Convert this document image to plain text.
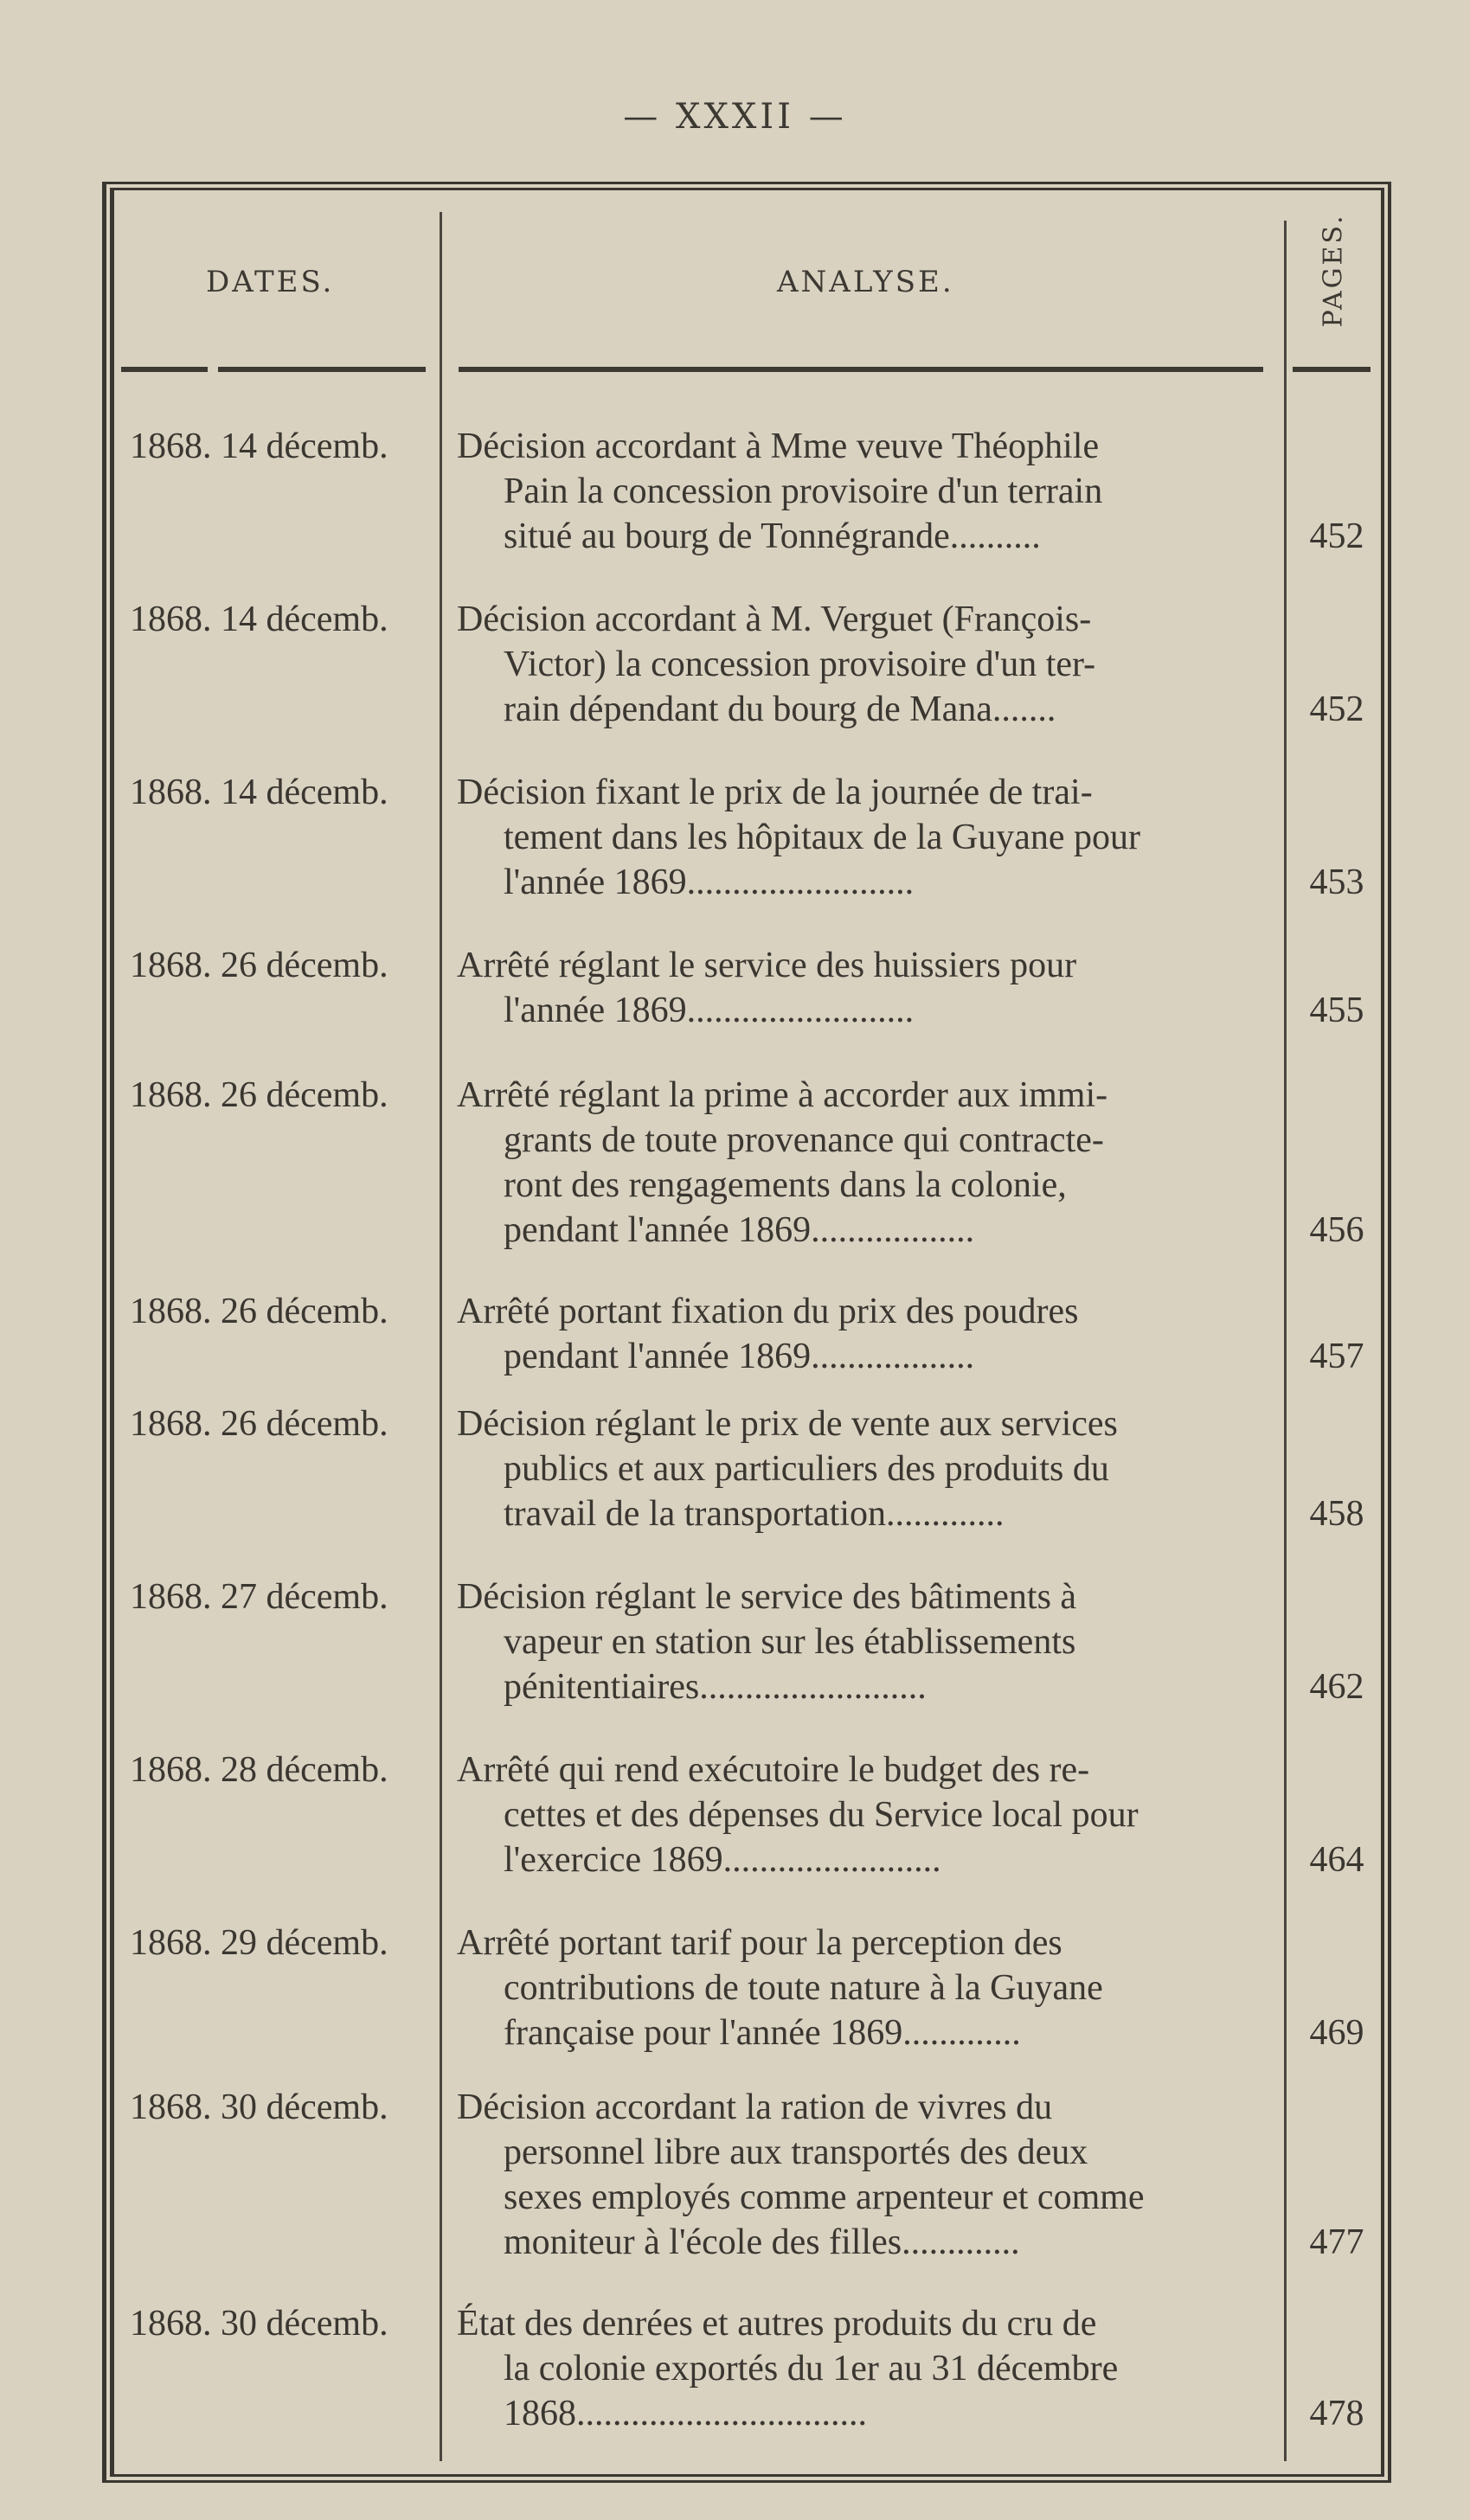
— XXXII —
DATES.	ANALYSE.	PAGES.
1868. 14 décemb.	Décision accordant à Mme veuve Théophile
Pain la concession provisoire d'un terrain
situé au bourg de Tonnégrande..........	452
1868. 14 décemb.	Décision accordant à M. Verguet (François-
Victor) la concession provisoire d'un ter-
rain dépendant du bourg de Mana.......	452
1868. 14 décemb.	Décision fixant le prix de la journée de trai-
tement dans les hôpitaux de la Guyane pour
l'année 1869.........................	453
1868. 26 décemb.	Arrêté réglant le service des huissiers pour
l'année 1869.........................	455
1868. 26 décemb.	Arrêté réglant la prime à accorder aux immi-
grants de toute provenance qui contracte-
ront des rengagements dans la colonie,
pendant l'année 1869..................	456
1868. 26 décemb.	Arrêté portant fixation du prix des poudres
pendant l'année 1869..................	457
1868. 26 décemb.	Décision réglant le prix de vente aux services
publics et aux particuliers des produits du
travail de la transportation.............	458
1868. 27 décemb.	Décision réglant le service des bâtiments à
vapeur en station sur les établissements
pénitentiaires.........................	462
1868. 28 décemb.	Arrêté qui rend exécutoire le budget des re-
cettes et des dépenses du Service local pour
l'exercice 1869........................	464
1868. 29 décemb.	Arrêté portant tarif pour la perception des
contributions de toute nature à la Guyane
française pour l'année 1869.............	469
1868. 30 décemb.	Décision accordant la ration de vivres du
personnel libre aux transportés des deux
sexes employés comme arpenteur et comme
moniteur à l'école des filles.............	477
1868. 30 décemb.	État des denrées et autres produits du cru de
la colonie exportés du 1er au 31 décembre
1868................................	478
